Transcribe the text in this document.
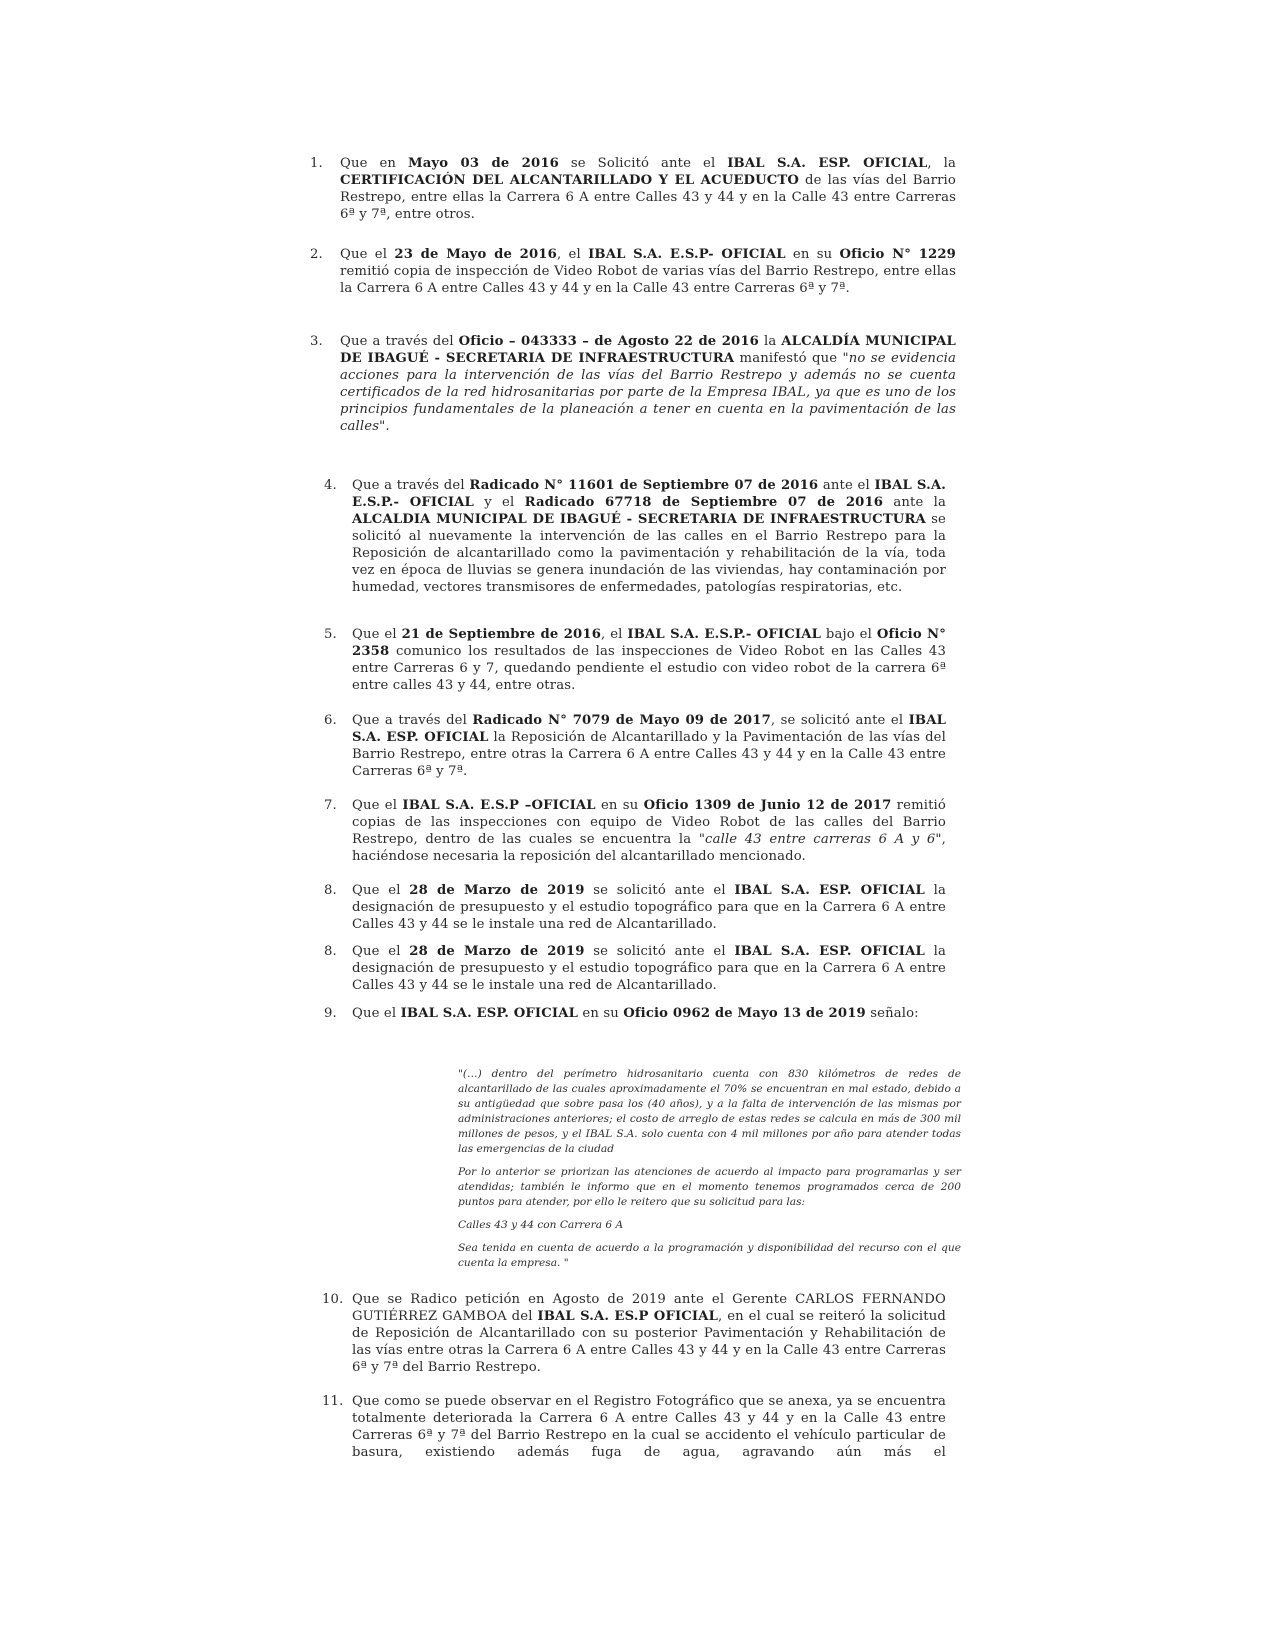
1. Que en Mayo 03 de 2016 se Solicitó ante el IBAL S.A. ESP. OFICIAL, la CERTIFICACIÓN DEL ALCANTARILLADO Y EL ACUEDUCTO de las vías del Barrio Restrepo, entre ellas la Carrera 6 A entre Calles 43 y 44 y en la Calle 43 entre Carreras 6ª y 7ª, entre otros.
2. Que el 23 de Mayo de 2016, el IBAL S.A. E.S.P- OFICIAL en su Oficio N° 1229 remitió copia de inspección de Video Robot de varias vías del Barrio Restrepo, entre ellas la Carrera 6 A entre Calles 43 y 44 y en la Calle 43 entre Carreras 6ª y 7ª.
3. Que a través del Oficio – 043333 – de Agosto 22 de 2016 la ALCALDÍA MUNICIPAL DE IBAGUÉ - SECRETARIA DE INFRAESTRUCTURA manifestó que "no se evidencia acciones para la intervención de las vías del Barrio Restrepo y además no se cuenta certificados de la red hidrosanitarias por parte de la Empresa IBAL, ya que es uno de los principios fundamentales de la planeación a tener en cuenta en la pavimentación de las calles".
4. Que a través del Radicado N° 11601 de Septiembre 07 de 2016 ante el IBAL S.A. E.S.P.- OFICIAL y el Radicado 67718 de Septiembre 07 de 2016 ante la ALCALDIA MUNICIPAL DE IBAGUÉ - SECRETARIA DE INFRAESTRUCTURA se solicitó al nuevamente la intervención de las calles en el Barrio Restrepo para la Reposición de alcantarillado como la pavimentación y rehabilitación de la vía, toda vez en época de lluvias se genera inundación de las viviendas, hay contaminación por humedad, vectores transmisores de enfermedades, patologías respiratorias, etc.
5. Que el 21 de Septiembre de 2016, el IBAL S.A. E.S.P.- OFICIAL bajo el Oficio N° 2358 comunico los resultados de las inspecciones de Video Robot en las Calles 43 entre Carreras 6 y 7, quedando pendiente el estudio con video robot de la carrera 6ª entre calles 43 y 44, entre otras.
6. Que a través del Radicado N° 7079 de Mayo 09 de 2017, se solicitó ante el IBAL S.A. ESP. OFICIAL la Reposición de Alcantarillado y la Pavimentación de las vías del Barrio Restrepo, entre otras la Carrera 6 A entre Calles 43 y 44 y en la Calle 43 entre Carreras 6ª y 7ª.
7. Que el IBAL S.A. E.S.P –OFICIAL en su Oficio 1309 de Junio 12 de 2017 remitió copias de las inspecciones con equipo de Video Robot de las calles del Barrio Restrepo, dentro de las cuales se encuentra la "calle 43 entre carreras 6 A y 6", haciéndose necesaria la reposición del alcantarillado mencionado.
8. Que el 28 de Marzo de 2019 se solicitó ante el IBAL S.A. ESP. OFICIAL la designación de presupuesto y el estudio topográfico para que en la Carrera 6 A entre Calles 43 y 44 se le instale una red de Alcantarillado.
8. Que el 28 de Marzo de 2019 se solicitó ante el IBAL S.A. ESP. OFICIAL la designación de presupuesto y el estudio topográfico para que en la Carrera 6 A entre Calles 43 y 44 se le instale una red de Alcantarillado.
9. Que el IBAL S.A. ESP. OFICIAL en su Oficio 0962 de Mayo 13 de 2019 señalo:

"(…) dentro del perímetro hidrosanitario cuenta con 830 kilómetros de redes de alcantarillado de las cuales aproximadamente el 70% se encuentran en mal estado, debido a su antigüedad que sobre pasa los (40 años), y a la falta de intervención de las mismas por administraciones anteriores; el costo de arreglo de estas redes se calcula en más de 300 mil millones de pesos, y el IBAL S.A. solo cuenta con 4 mil millones por año para atender todas las emergencias de la ciudad

Por lo anterior se priorizan las atenciones de acuerdo al impacto para programarlas y ser atendidas; también le informo que en el momento tenemos programados cerca de 200 puntos para atender, por ello le reitero que su solicitud para las:

Calles 43 y 44 con Carrera 6 A

Sea tenida en cuenta de acuerdo a la programación y disponibilidad del recurso con el que cuenta la empresa. "

10. Que se Radico petición en Agosto de 2019 ante el Gerente CARLOS FERNANDO GUTIÉRREZ GAMBOA del IBAL S.A. ES.P OFICIAL, en el cual se reiteró la solicitud de Reposición de Alcantarillado con su posterior Pavimentación y Rehabilitación de las vías entre otras la Carrera 6 A entre Calles 43 y 44 y en la Calle 43 entre Carreras 6ª y 7ª del Barrio Restrepo.
11. Que como se puede observar en el Registro Fotográfico que se anexa, ya se encuentra totalmente deteriorada la Carrera 6 A entre Calles 43 y 44 y en la Calle 43 entre Carreras 6ª y 7ª del Barrio Restrepo en la cual se accidento el vehículo particular de basura, existiendo además fuga de agua, agravando aún más el
